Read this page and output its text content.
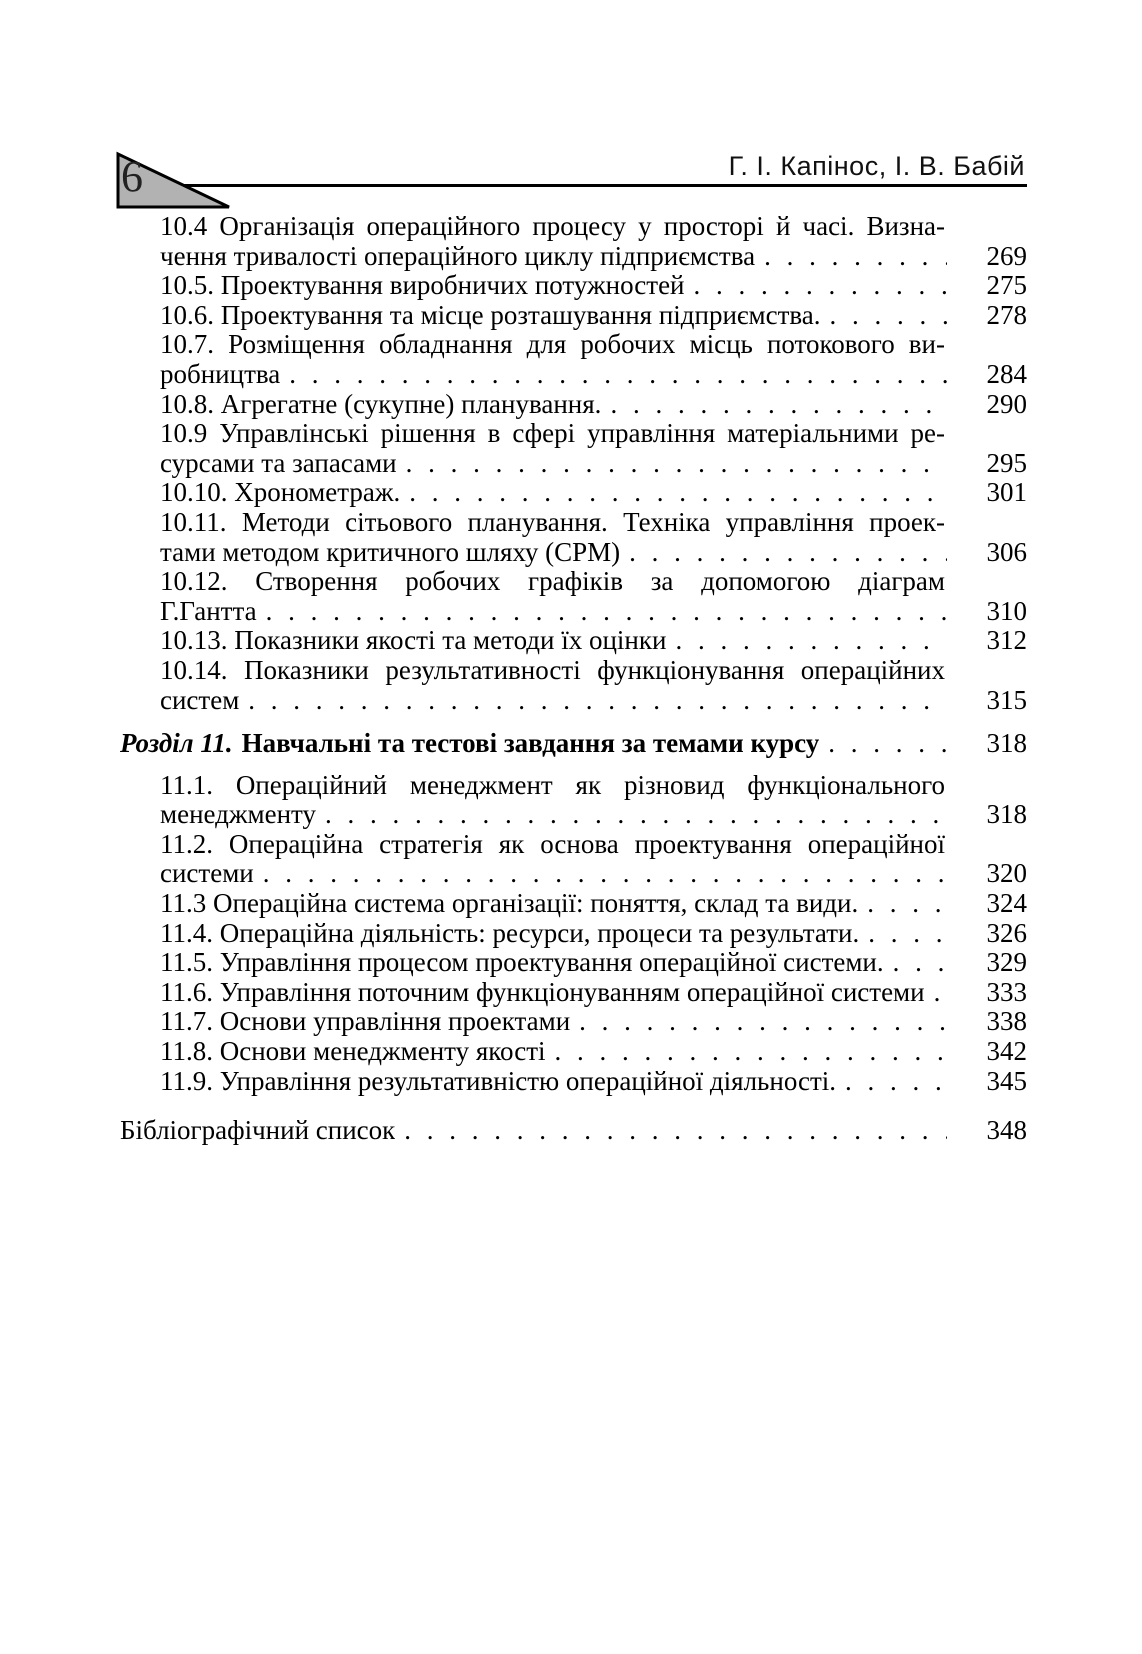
6	Г. І. Капінос, І. В. Бабій
10.4 Організація операційного процесу у просторі й часі. Визна-
чення тривалості операційного циклу підприємства . . .	269
10.5. Проектування виробничих потужностей . . .	275
10.6. Проектування та місце розташування підприємства. . . .	278
10.7. Розміщення обладнання для робочих місць потокового ви-
робництва . . .	284
10.8. Агрегатне (сукупне) планування. . . .	290
10.9 Управлінські рішення в сфері управління матеріальними ре-
сурсами та запасами . . .	295
10.10. Хронометраж. . . .	301
10.11. Методи сітьового планування. Техніка управління проек-
тами методом критичного шляху (СРМ) . . .	306
10.12. Створення робочих графіків за допомогою діаграм
Г.Гантта . . .	310
10.13. Показники якості та методи їх оцінки . . .	312
10.14. Показники результативності функціонування операційних
систем . . .	315
Розділ 11. Навчальні та тестові завдання за темами курсу . . .	318
11.1. Операційний менеджмент як різновид функціонального
менеджменту . . .	318
11.2. Операційна стратегія як основа проектування операційної
системи . . .	320
11.3 Операційна система організації: поняття, склад та види. . . .	324
11.4. Операційна діяльність: ресурси, процеси та результати. . . .	326
11.5. Управління процесом проектування операційної системи. . . .	329
11.6. Управління поточним функціонуванням операційної системи . . .	333
11.7. Основи управління проектами . . .	338
11.8. Основи менеджменту якості . . .	342
11.9. Управління результативністю операційної діяльності. . . .	345
Бібліографічний список . . .	348
